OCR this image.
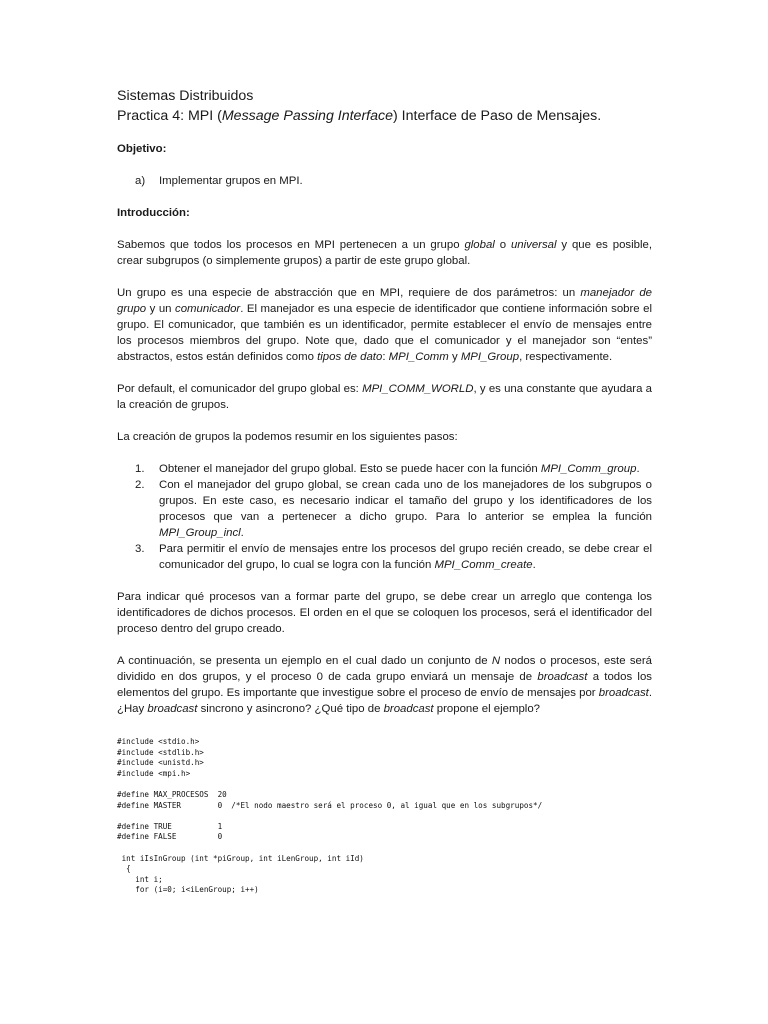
Sistemas Distribuidos
Practica 4: MPI (Message Passing Interface) Interface de Paso de Mensajes.

Objetivo:

a) Implementar grupos en MPI.

Introducción:

Sabemos que todos los procesos en MPI pertenecen a un grupo global o universal y que es posible, crear subgrupos (o simplemente grupos) a partir de este grupo global.

Un grupo es una especie de abstracción que en MPI, requiere de dos parámetros: un manejador de grupo y un comunicador. El manejador es una especie de identificador que contiene información sobre el grupo. El comunicador, que también es un identificador, permite establecer el envío de mensajes entre los procesos miembros del grupo. Note que, dado que el comunicador y el manejador son “entes” abstractos, estos están definidos como tipos de dato: MPI_Comm y MPI_Group, respectivamente.

Por default, el comunicador del grupo global es: MPI_COMM_WORLD, y es una constante que ayudara a la creación de grupos.

La creación de grupos la podemos resumir en los siguientes pasos:

1. Obtener el manejador del grupo global. Esto se puede hacer con la función MPI_Comm_group.
2. Con el manejador del grupo global, se crean cada uno de los manejadores de los subgrupos o grupos. En este caso, es necesario indicar el tamaño del grupo y los identificadores de los procesos que van a pertenecer a dicho grupo. Para lo anterior se emplea la función MPI_Group_incl.
3. Para permitir el envío de mensajes entre los procesos del grupo recién creado, se debe crear el comunicador del grupo, lo cual se logra con la función MPI_Comm_create.

Para indicar qué procesos van a formar parte del grupo, se debe crear un arreglo que contenga los identificadores de dichos procesos. El orden en el que se coloquen los procesos, será el identificador del proceso dentro del grupo creado.

A continuación, se presenta un ejemplo en el cual dado un conjunto de N nodos o procesos, este será dividido en dos grupos, y el proceso 0 de cada grupo enviará un mensaje de broadcast a todos los elementos del grupo. Es importante que investigue sobre el proceso de envío de mensajes por broadcast. ¿Hay broadcast sincrono y asincrono? ¿Qué tipo de broadcast propone el ejemplo?

#include <stdio.h>
#include <stdlib.h>
#include <unistd.h>
#include <mpi.h>

#define MAX_PROCESOS  20
#define MASTER        0  /*El nodo maestro será el proceso 0, al igual que en los subgrupos*/

#define TRUE          1
#define FALSE         0

int iIsInGroup (int *piGroup, int iLenGroup, int iId)
{
int i;
for (i=0; i<iLenGroup; i++)
